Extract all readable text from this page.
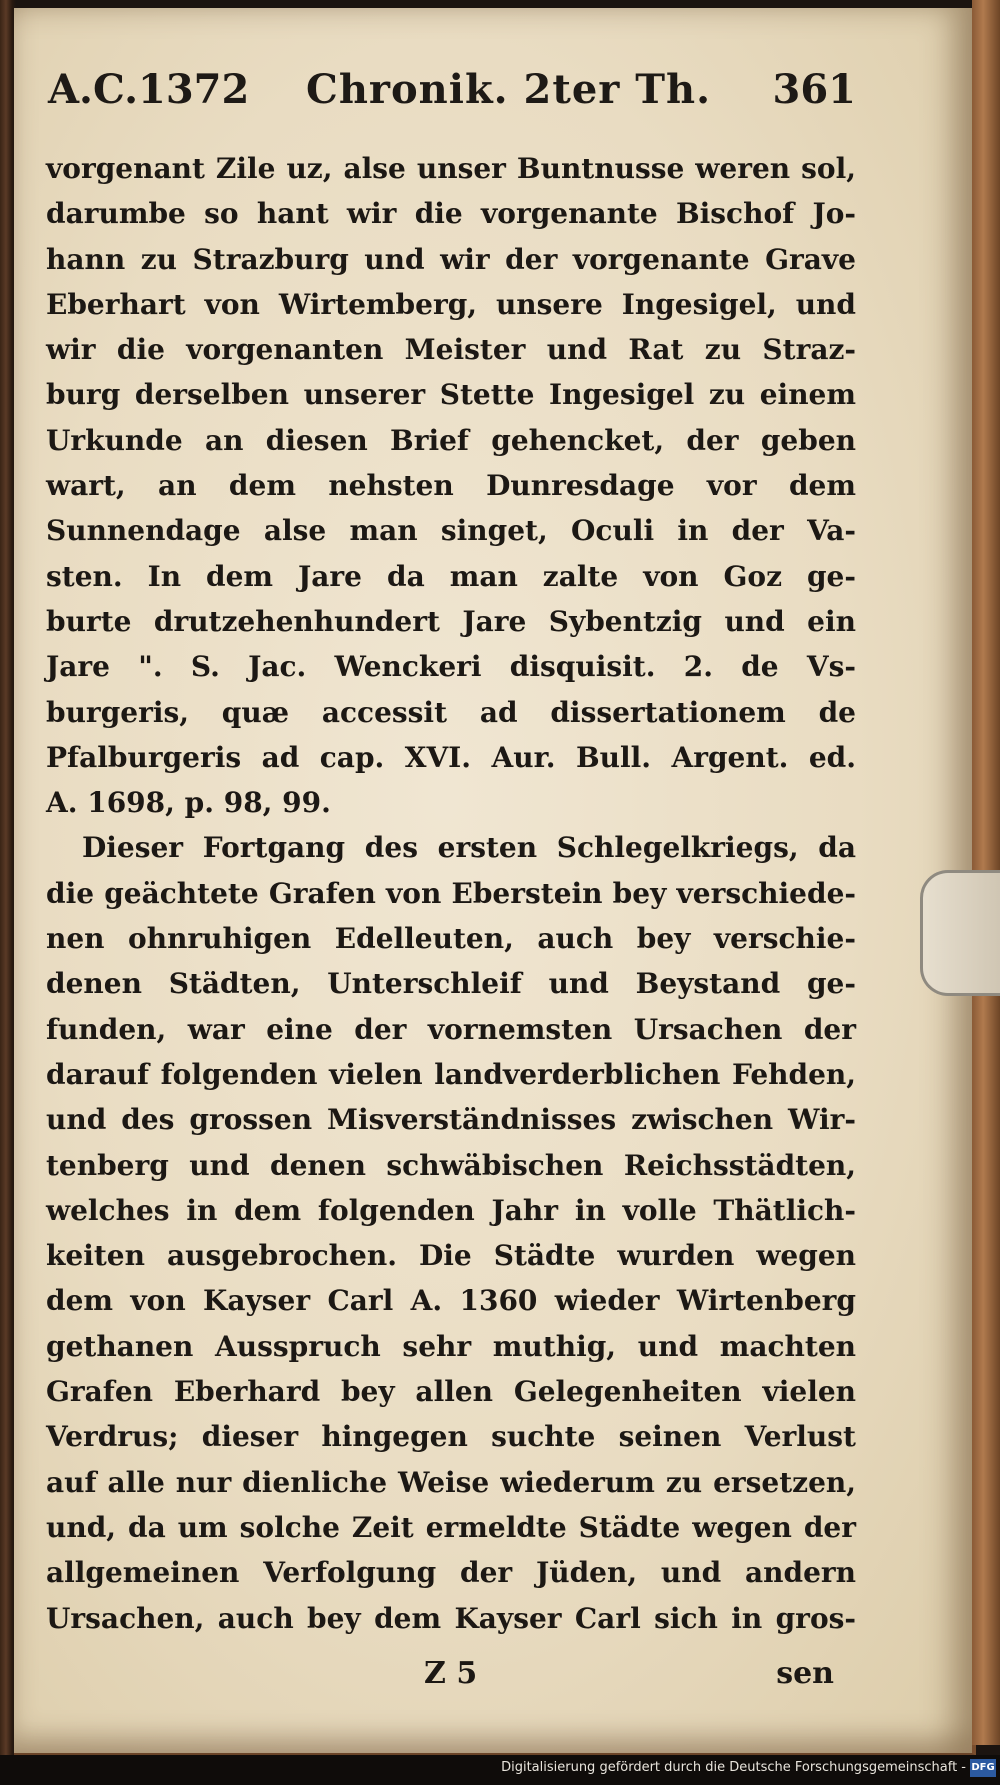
A.C.1372 Chronik. 2ter Th. 361
vorgenant Zile uz, alse unser Buntnusse weren sol,
darumbe so hant wir die vorgenante Bischof Jo-
hann zu Strazburg und wir der vorgenante Grave
Eberhart von Wirtemberg, unsere Ingesigel, und
wir die vorgenanten Meister und Rat zu Straz-
burg derselben unserer Stette Ingesigel zu einem
Urkunde an diesen Brief gehencket, der geben
wart, an dem nehsten Dunresdage vor dem
Sunnendage alse man singet, Oculi in der Va-
sten. In dem Jare da man zalte von Goz ge-
burte drutzehenhundert Jare Sybentzig und ein
Jare ". S. Jac. Wenckeri disquisit. 2. de Vs-
burgeris, quæ accessit ad dissertationem de
Pfalburgeris ad cap. XVI. Aur. Bull. Argent. ed.
A. 1698, p. 98, 99.
Dieser Fortgang des ersten Schlegelkriegs, da
die geächtete Grafen von Eberstein bey verschiede-
nen ohnruhigen Edelleuten, auch bey verschie-
denen Städten, Unterschleif und Beystand ge-
funden, war eine der vornemsten Ursachen der
darauf folgenden vielen landverderblichen Fehden,
und des grossen Misverständnisses zwischen Wir-
tenberg und denen schwäbischen Reichsstädten,
welches in dem folgenden Jahr in volle Thätlich-
keiten ausgebrochen. Die Städte wurden wegen
dem von Kayser Carl A. 1360 wieder Wirtenberg
gethanen Ausspruch sehr muthig, und machten
Grafen Eberhard bey allen Gelegenheiten vielen
Verdrus; dieser hingegen suchte seinen Verlust
auf alle nur dienliche Weise wiederum zu ersetzen,
und, da um solche Zeit ermeldte Städte wegen der
allgemeinen Verfolgung der Jüden, und andern
Ursachen, auch bey dem Kayser Carl sich in gros-
Z 5	sen
Digitalisierung gefördert durch die Deutsche Forschungsgemeinschaft - DFG
